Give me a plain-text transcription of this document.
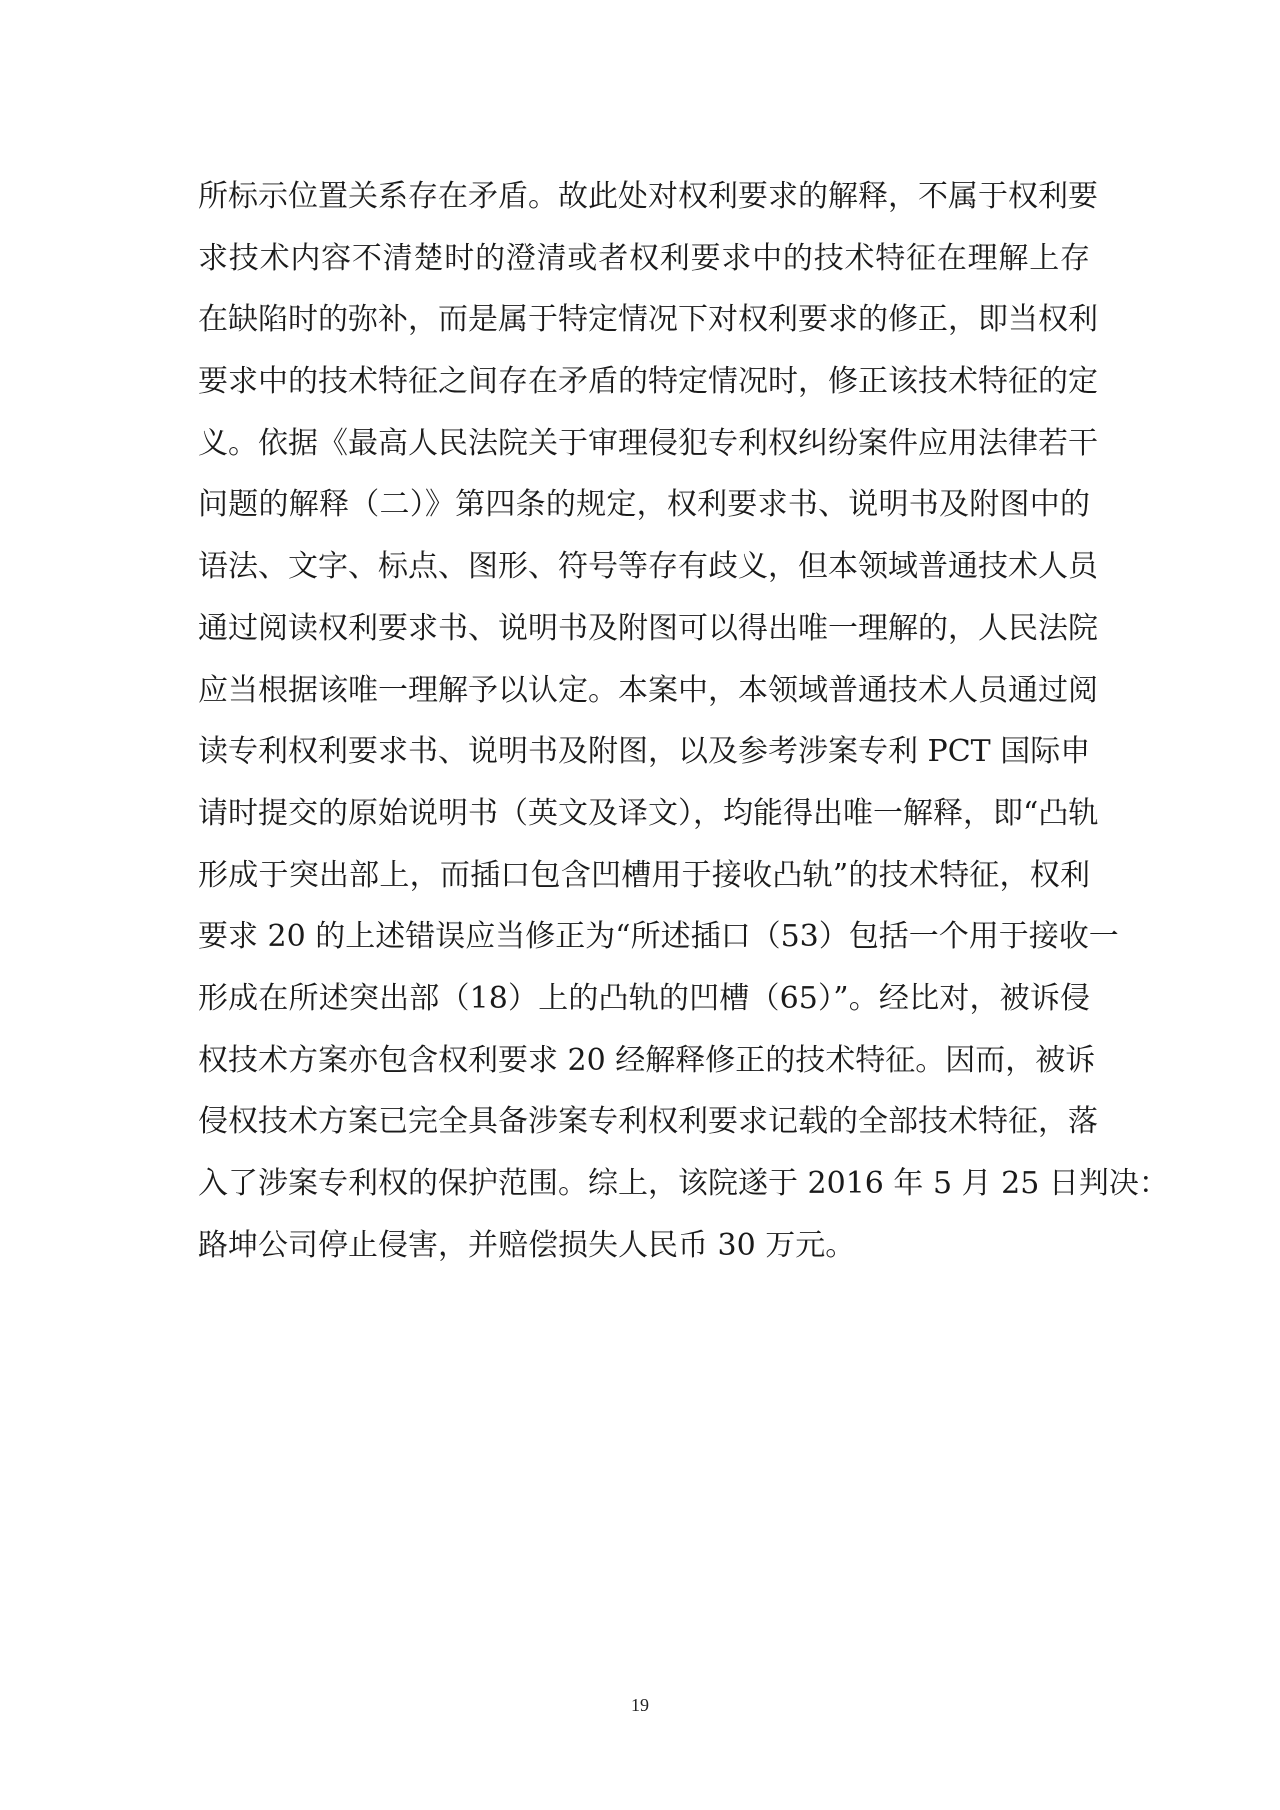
所标示位置关系存在矛盾。故此处对权利要求的解释，不属于权利要
求技术内容不清楚时的澄清或者权利要求中的技术特征在理解上存
在缺陷时的弥补，而是属于特定情况下对权利要求的修正，即当权利
要求中的技术特征之间存在矛盾的特定情况时，修正该技术特征的定
义。依据《最高人民法院关于审理侵犯专利权纠纷案件应用法律若干
问题的解释（二）》第四条的规定，权利要求书、说明书及附图中的
语法、文字、标点、图形、符号等存有歧义，但本领域普通技术人员
通过阅读权利要求书、说明书及附图可以得出唯一理解的，人民法院
应当根据该唯一理解予以认定。本案中，本领域普通技术人员通过阅
读专利权利要求书、说明书及附图，以及参考涉案专利 PCT 国际申
请时提交的原始说明书（英文及译文），均能得出唯一解释，即“凸轨
形成于突出部上，而插口包含凹槽用于接收凸轨”的技术特征，权利
要求 20 的上述错误应当修正为“所述插口（53）包括一个用于接收一
形成在所述突出部（18）上的凸轨的凹槽（65）”。经比对，被诉侵
权技术方案亦包含权利要求 20 经解释修正的技术特征。因而，被诉
侵权技术方案已完全具备涉案专利权利要求记载的全部技术特征，落
入了涉案专利权的保护范围。综上，该院遂于 2016 年 5 月 25 日判决：
路坤公司停止侵害，并赔偿损失人民币 30 万元。
19
